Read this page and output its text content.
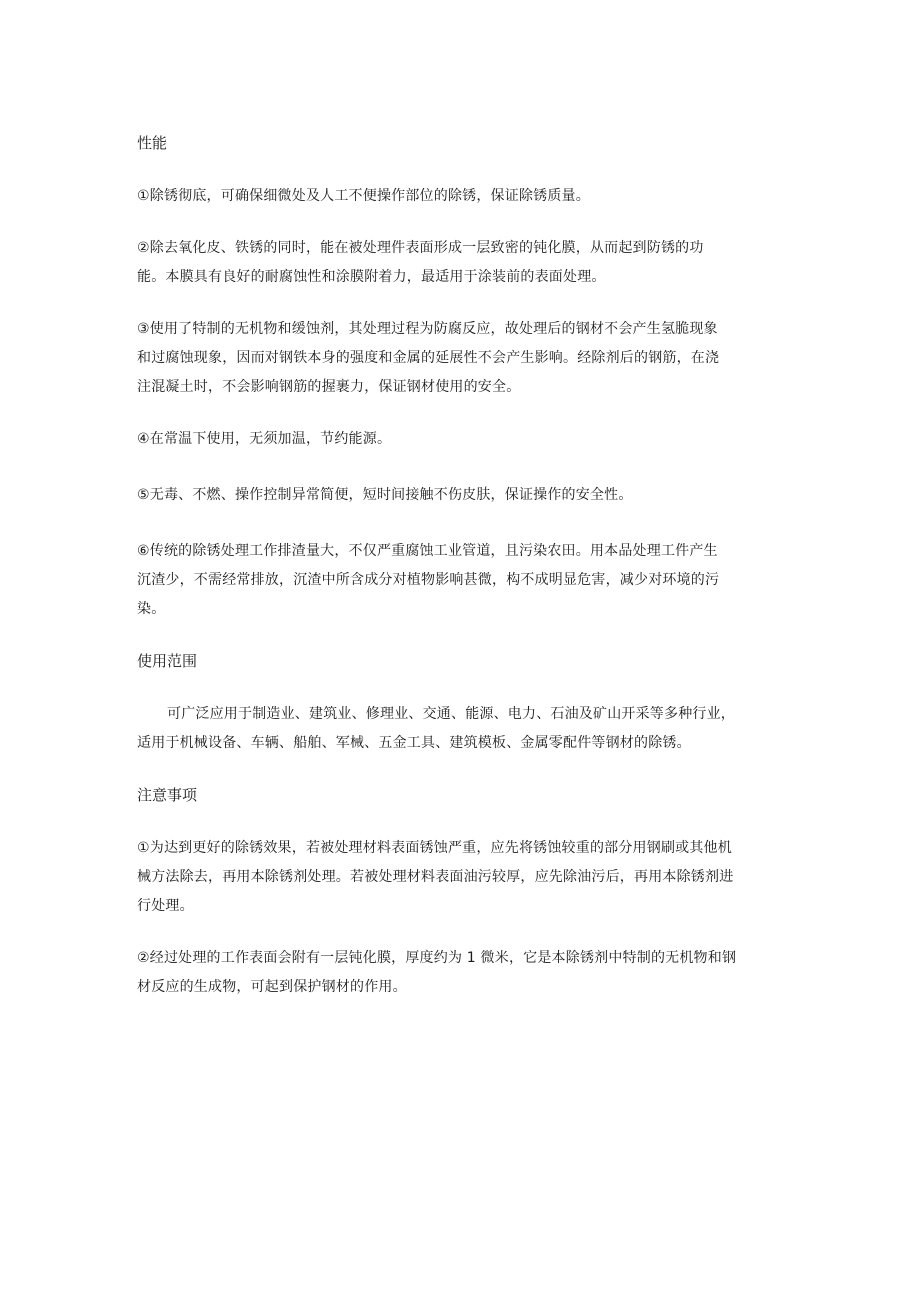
性能

①除锈彻底，可确保细微处及人工不便操作部位的除锈，保证除锈质量。

②除去氧化皮、铁锈的同时，能在被处理件表面形成一层致密的钝化膜，从而起到防锈的功
能。本膜具有良好的耐腐蚀性和涂膜附着力，最适用于涂装前的表面处理。

③使用了特制的无机物和缓蚀剂，其处理过程为防腐反应，故处理后的钢材不会产生氢脆现象
和过腐蚀现象，因而对钢铁本身的强度和金属的延展性不会产生影响。经除剂后的钢筋，在浇
注混凝土时，不会影响钢筋的握裹力，保证钢材使用的安全。

④在常温下使用，无须加温，节约能源。

⑤无毒、不燃、操作控制异常简便，短时间接触不伤皮肤，保证操作的安全性。

⑥传统的除锈处理工作排渣量大，不仅严重腐蚀工业管道，且污染农田。用本品处理工件产生
沉渣少，不需经常排放，沉渣中所含成分对植物影响甚微，构不成明显危害，减少对环境的污
染。

使用范围

可广泛应用于制造业、建筑业、修理业、交通、能源、电力、石油及矿山开采等多种行业，
适用于机械设备、车辆、船舶、军械、五金工具、建筑模板、金属零配件等钢材的除锈。

注意事项

①为达到更好的除锈效果，若被处理材料表面锈蚀严重，应先将锈蚀较重的部分用钢刷或其他机
械方法除去，再用本除锈剂处理。若被处理材料表面油污较厚，应先除油污后，再用本除锈剂进
行处理。

②经过处理的工作表面会附有一层钝化膜，厚度约为 1 微米，它是本除锈剂中特制的无机物和钢
材反应的生成物，可起到保护钢材的作用。
